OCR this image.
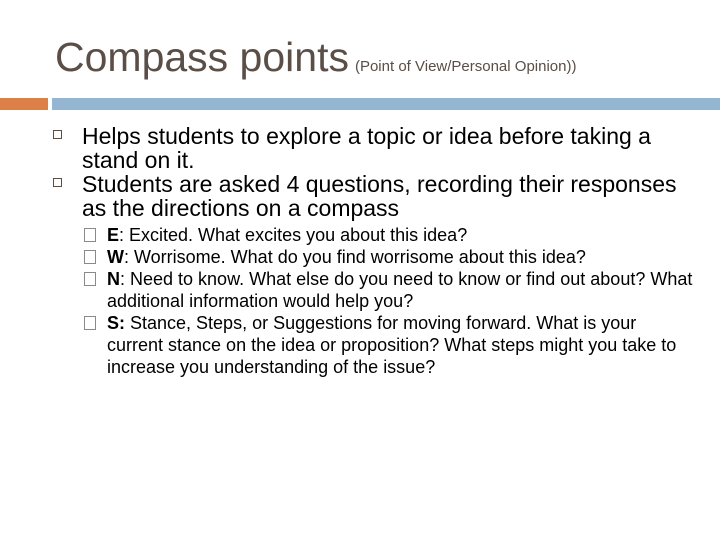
Compass points (Point of View/Personal Opinion))
Helps students to explore a topic or idea before taking a stand on it.
Students are asked 4 questions, recording their responses as the directions on a compass
E: Excited. What excites you about this idea?
W: Worrisome. What do you find worrisome about this idea?
N: Need to know. What else do you need to know or find out about? What additional information would help you?
S: Stance, Steps, or Suggestions for moving forward. What is your current stance on the idea or proposition? What steps might you take to increase you understanding of the issue?
